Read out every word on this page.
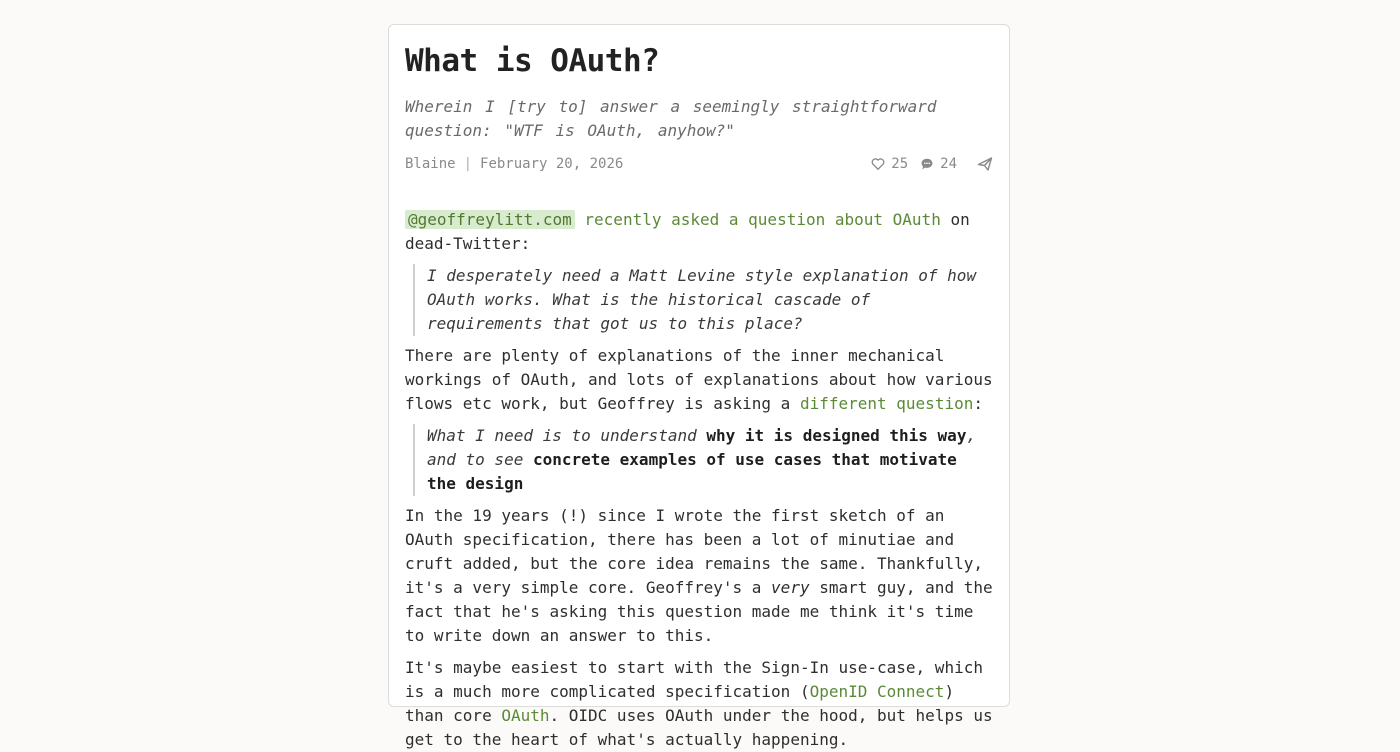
What is OAuth?
Wherein I [try to] answer a seemingly straightforward question: "WTF is OAuth, anyhow?"
Blaine | February 20, 2026	25 24

@geoffreylitt.com recently asked a question about OAuth on dead-Twitter:

I desperately need a Matt Levine style explanation of how OAuth works. What is the historical cascade of requirements that got us to this place?

There are plenty of explanations of the inner mechanical workings of OAuth, and lots of explanations about how various flows etc work, but Geoffrey is asking a different question:

What I need is to understand why it is designed this way, and to see concrete examples of use cases that motivate the design

In the 19 years (!) since I wrote the first sketch of an OAuth specification, there has been a lot of minutiae and cruft added, but the core idea remains the same. Thankfully, it's a very simple core. Geoffrey's a very smart guy, and the fact that he's asking this question made me think it's time to write down an answer to this.

It's maybe easiest to start with the Sign-In use-case, which is a much more complicated specification (OpenID Connect) than core OAuth. OIDC uses OAuth under the hood, but helps us get to the heart of what's actually happening.
